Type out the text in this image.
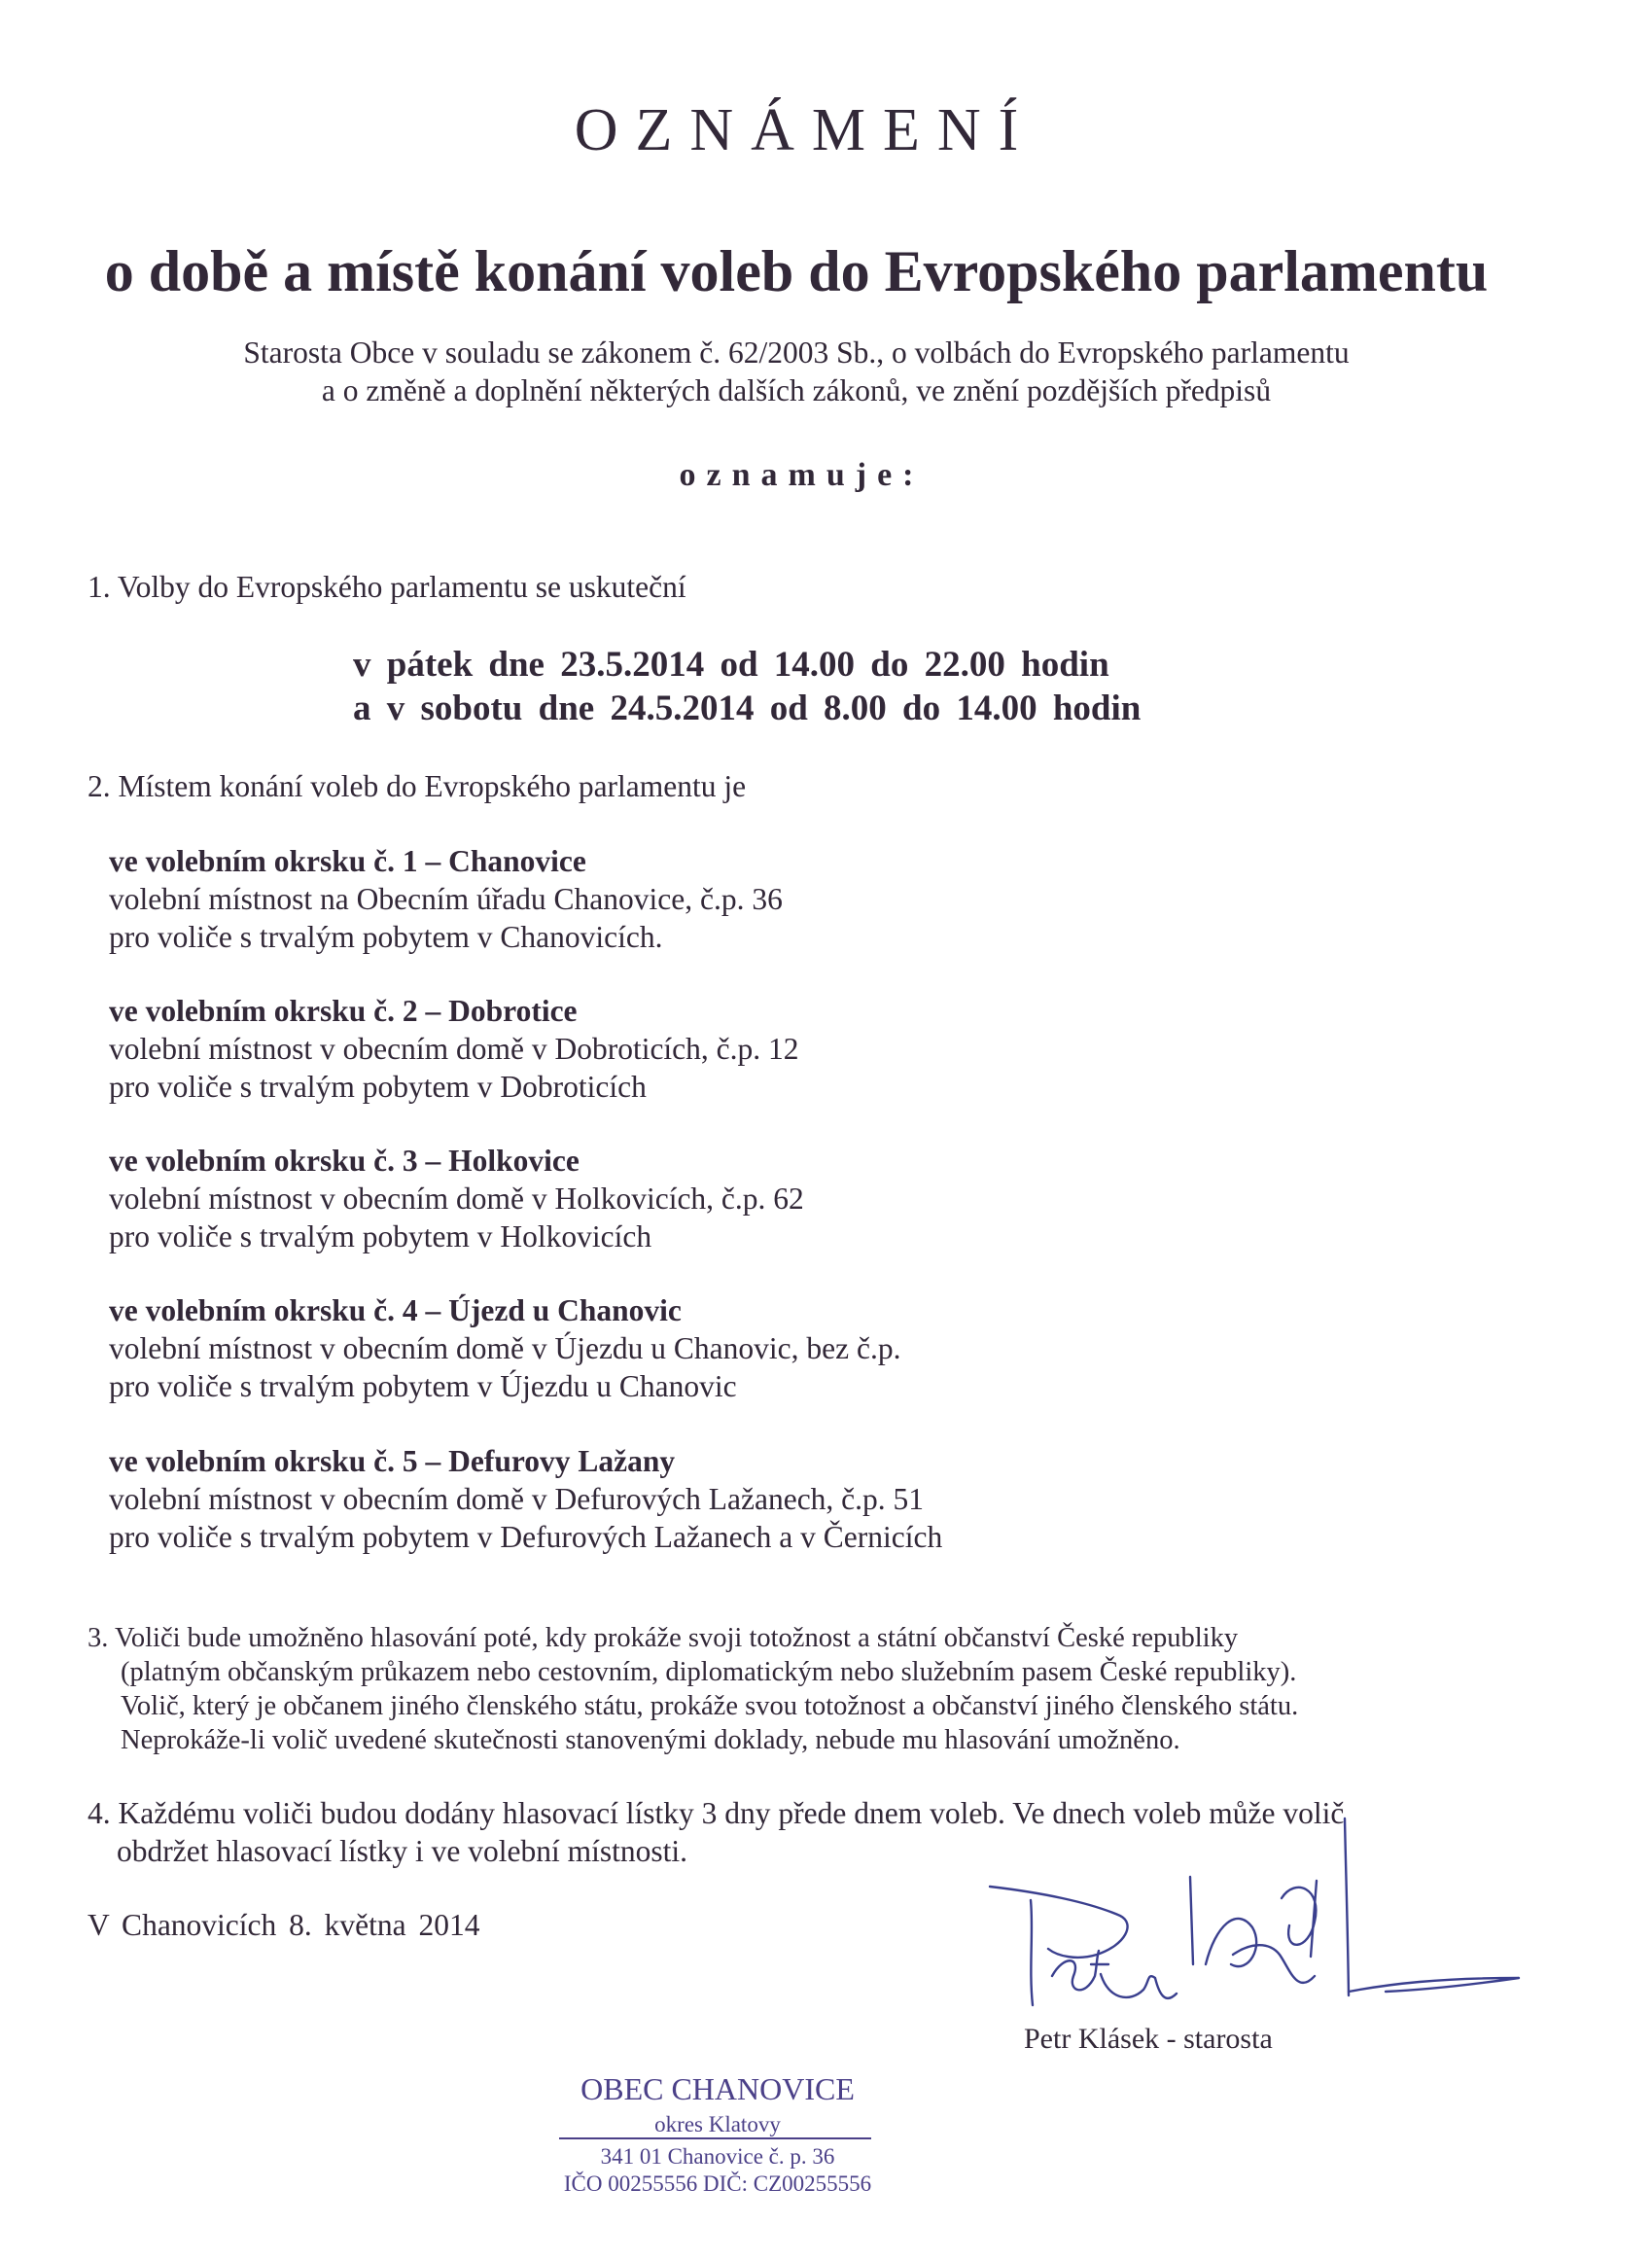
OZNÁMENÍ
o době a místě konání voleb do Evropského parlamentu
Starosta Obce v souladu se zákonem č. 62/2003 Sb., o volbách do Evropského parlamentu
a o změně a doplnění některých dalších zákonů, ve znění pozdějších předpisů
oznamuje:
1. Volby do Evropského parlamentu se uskuteční
v pátek dne 23.5.2014 od 14.00 do 22.00 hodin
a v sobotu dne 24.5.2014 od 8.00 do 14.00 hodin
2. Místem konání voleb do Evropského parlamentu je
ve volebním okrsku č. 1 – Chanovice
volební místnost na Obecním úřadu Chanovice, č.p. 36
pro voliče s trvalým pobytem v Chanovicích.
ve volebním okrsku č. 2 – Dobrotice
volební místnost v obecním domě v Dobroticích, č.p. 12
pro voliče s trvalým pobytem v Dobroticích
ve volebním okrsku č. 3 – Holkovice
volební místnost v obecním domě v Holkovicích, č.p. 62
pro voliče s trvalým pobytem v Holkovicích
ve volebním okrsku č. 4 – Újezd u Chanovic
volební místnost v obecním domě v Újezdu u Chanovic, bez č.p.
pro voliče s trvalým pobytem v Újezdu u Chanovic
ve volebním okrsku č. 5 – Defurovy Lažany
volební místnost v obecním domě v Defurových Lažanech, č.p. 51
pro voliče s trvalým pobytem v Defurových Lažanech a v Černicích
3. Voliči bude umožněno hlasování poté, kdy prokáže svoji totožnost a státní občanství České republiky
(platným občanským průkazem nebo cestovním, diplomatickým nebo služebním pasem České republiky).
Volič, který je občanem jiného členského státu, prokáže svou totožnost a občanství jiného členského státu.
Neprokáže-li volič uvedené skutečnosti stanovenými doklady, nebude mu hlasování umožněno.
4. Každému voliči budou dodány hlasovací lístky 3 dny přede dnem voleb. Ve dnech voleb může volič
obdržet hlasovací lístky i ve volební místnosti.
V Chanovicích 8. května 2014
Petr Klásek - starosta
OBEC CHANOVICE
okres Klatovy
341 01 Chanovice č. p. 36
IČO 00255556 DIČ: CZ00255556
